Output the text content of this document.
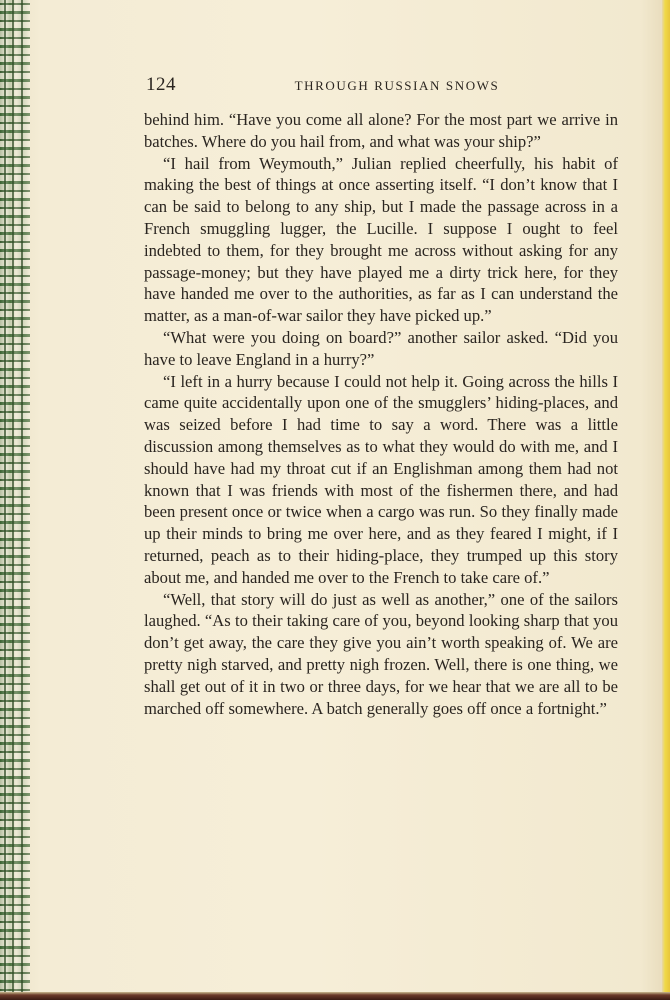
124	THROUGH RUSSIAN SNOWS

behind him. “Have you come all alone? For the most part we arrive in batches. Where do you hail from, and what was your ship?”

“I hail from Weymouth,” Julian replied cheerfully, his habit of making the best of things at once asserting itself. “I don’t know that I can be said to belong to any ship, but I made the passage across in a French smuggling lugger, the Lucille. I suppose I ought to feel indebted to them, for they brought me across without asking for any passage-money; but they have played me a dirty trick here, for they have handed me over to the authorities, as far as I can understand the matter, as a man-of-war sailor they have picked up.”

“What were you doing on board?” another sailor asked. “Did you have to leave England in a hurry?”

“I left in a hurry because I could not help it. Going across the hills I came quite accidentally upon one of the smugglers’ hiding-places, and was seized before I had time to say a word. There was a little discussion among themselves as to what they would do with me, and I should have had my throat cut if an Englishman among them had not known that I was friends with most of the fishermen there, and had been present once or twice when a cargo was run. So they finally made up their minds to bring me over here, and as they feared I might, if I returned, peach as to their hiding-place, they trumped up this story about me, and handed me over to the French to take care of.”

“Well, that story will do just as well as another,” one of the sailors laughed. “As to their taking care of you, beyond looking sharp that you don’t get away, the care they give you ain’t worth speaking of. We are pretty nigh starved, and pretty nigh frozen. Well, there is one thing, we shall get out of it in two or three days, for we hear that we are all to be marched off somewhere. A batch generally goes off once a fortnight.”
